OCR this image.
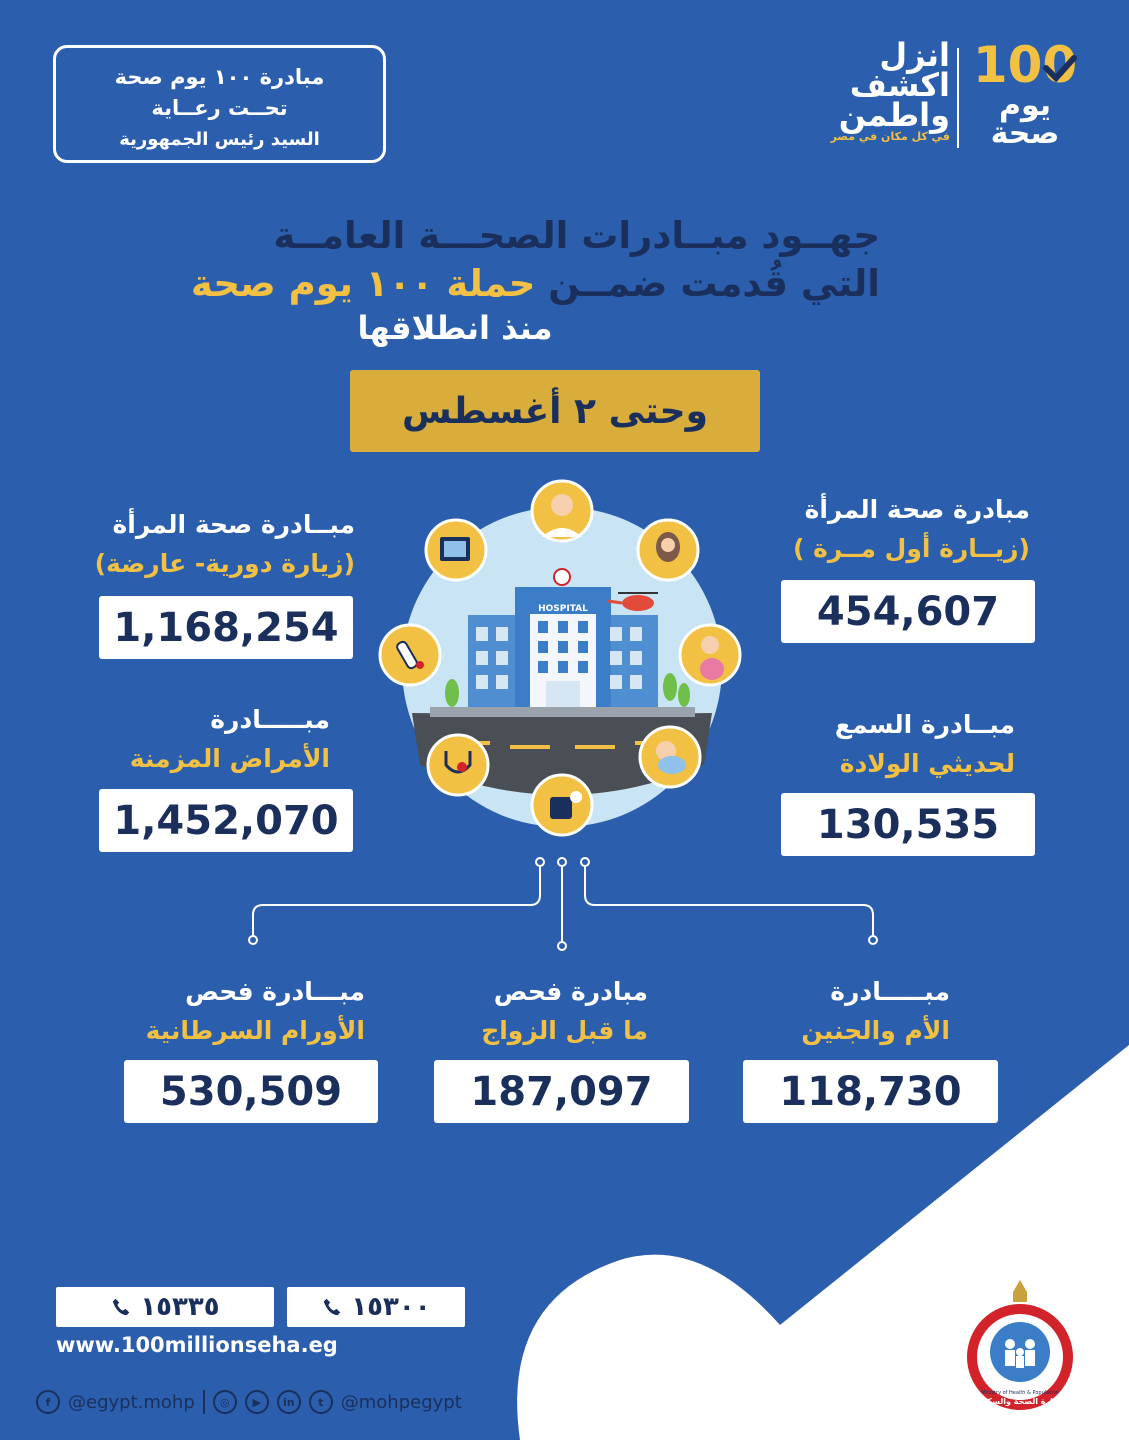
مبادرة ١٠٠ يوم صحة
تحــت رعــاية
السيد رئيس الجمهورية
انزل
اكشف
واطمن
في كل مكان في مصر
100
يوم
صحة
جهــود مبــادرات الصحـــة العامــة
التي قُدمت ضمــن حملة ١٠٠ يوم صحة
منذ انطلاقها
وحتى ٢ أغسطس
HOSPITAL
مبادرة صحة المرأة
(زيــارة أول مــرة )
454,607
مبــادرة صحة المرأة
(زيارة دورية- عارضة)
1,168,254
مبــادرة السمع
لحديثي الولادة
130,535
مبـــــادرة
الأمراض المزمنة
1,452,070
مبـــــادرة
الأم والجنين
118,730
مبادرة فحص
ما قبل الزواج
187,097
مبـــادرة فحص
الأورام السرطانية
530,509
١٥٣٣٥	١٥٣٠٠
www.100millionseha.eg
f @egypt.mohp	◎	▶	in	t @mohpegypt	Ministry of Health & Population
وزارة الصحة والسكان
